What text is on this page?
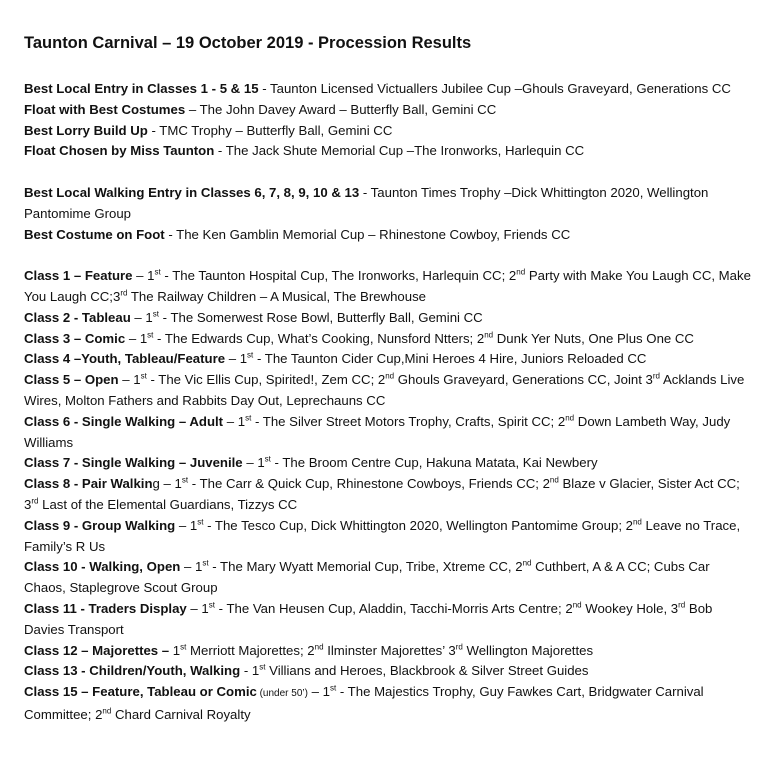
Taunton Carnival – 19 October 2019 - Procession Results

Best Local Entry in Classes 1 - 5 & 15 - Taunton Licensed Victuallers Jubilee Cup –Ghouls Graveyard, Generations CC

Float with Best Costumes – The John Davey Award – Butterfly Ball, Gemini CC

Best Lorry Build Up - TMC Trophy – Butterfly Ball, Gemini CC

Float Chosen by Miss Taunton - The Jack Shute Memorial Cup –The Ironworks, Harlequin CC

Best Local Walking Entry in Classes 6, 7, 8, 9, 10 & 13 - Taunton Times Trophy –Dick Whittington 2020, Wellington Pantomime Group

Best Costume on Foot - The Ken Gamblin Memorial Cup – Rhinestone Cowboy, Friends CC

Class 1 – Feature – 1st - The Taunton Hospital Cup, The Ironworks, Harlequin CC; 2nd Party with Make You Laugh CC, Make You Laugh CC;3rd The Railway Children – A Musical, The Brewhouse

Class 2 - Tableau – 1st - The Somerwest Rose Bowl, Butterfly Ball, Gemini CC

Class 3 – Comic – 1st - The Edwards Cup, What’s Cooking, Nunsford Ntters; 2nd Dunk Yer Nuts, One Plus One CC

Class 4 –Youth, Tableau/Feature – 1st - The Taunton Cider Cup,Mini Heroes 4 Hire, Juniors Reloaded CC

Class 5 – Open – 1st - The Vic Ellis Cup, Spirited!, Zem CC; 2nd Ghouls Graveyard, Generations CC, Joint 3rd Acklands Live Wires, Molton Fathers and Rabbits Day Out, Leprechauns CC

Class 6 - Single Walking – Adult – 1st - The Silver Street Motors Trophy, Crafts, Spirit CC; 2nd Down Lambeth Way, Judy Williams

Class 7 - Single Walking – Juvenile – 1st - The Broom Centre Cup, Hakuna Matata, Kai Newbery

Class 8 - Pair Walking – 1st - The Carr & Quick Cup, Rhinestone Cowboys, Friends CC; 2nd Blaze v Glacier, Sister Act CC; 3rd Last of the Elemental Guardians, Tizzys CC

Class 9 - Group Walking – 1st - The Tesco Cup, Dick Whittington 2020, Wellington Pantomime Group; 2nd Leave no Trace, Family’s R Us

Class 10 - Walking, Open – 1st - The Mary Wyatt Memorial Cup, Tribe, Xtreme CC, 2nd Cuthbert, A & A CC; Cubs Car Chaos, Staplegrove Scout Group

Class 11 - Traders Display – 1st - The Van Heusen Cup, Aladdin, Tacchi-Morris Arts Centre; 2nd Wookey Hole, 3rd Bob Davies Transport

Class 12 – Majorettes – 1st Merriott Majorettes; 2nd Ilminster Majorettes’ 3rd Wellington Majorettes

Class 13 - Children/Youth, Walking - 1st Villians and Heroes, Blackbrook & Silver Street Guides

Class 15 – Feature, Tableau or Comic (under 50’) – 1st - The Majestics Trophy, Guy Fawkes Cart, Bridgwater Carnival Committee; 2nd Chard Carnival Royalty
